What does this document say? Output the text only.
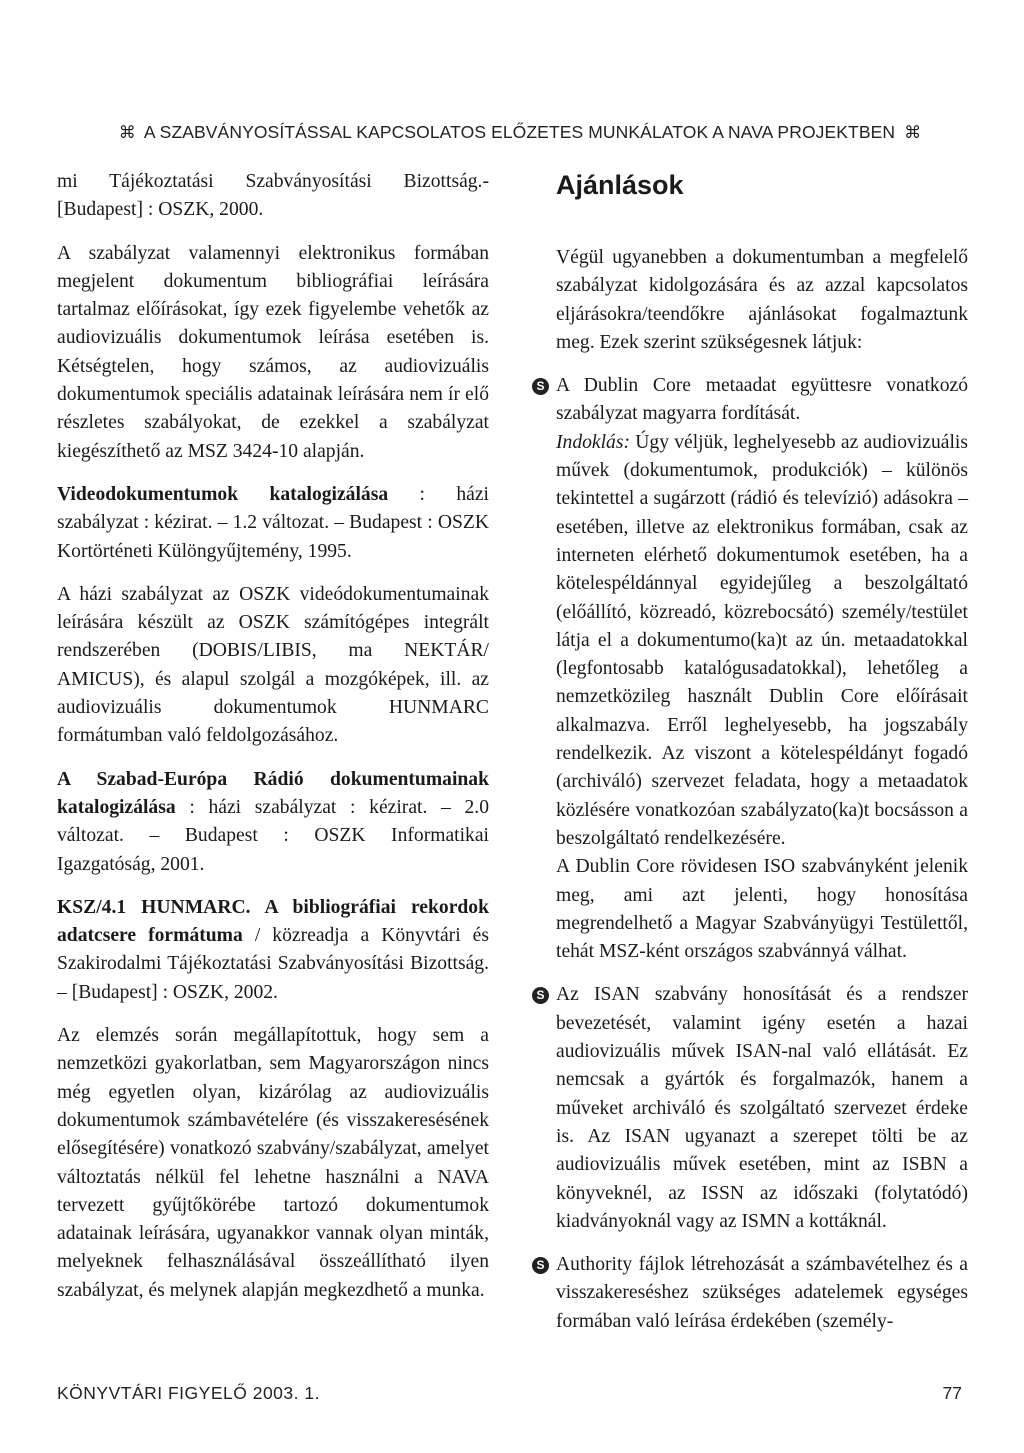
⌘ A SZABVÁNYOSÍTÁSSAL KAPCSOLATOS ELŐZETES MUNKÁLATOK A NAVA PROJEKTBEN ⌘

mi Tájékoztatási Szabványosítási Bizottság.- [Budapest] : OSZK, 2000.

A szabályzat valamennyi elektronikus formában megjelent dokumentum bibliográfiai leírására tartalmaz előírásokat, így ezek figyelembe vehetők az audiovizuális dokumentumok leírása esetében is. Kétségtelen, hogy számos, az audiovizuális dokumentumok speciális adatainak leírására nem ír elő részletes szabályokat, de ezekkel a szabályzat kiegészíthető az MSZ 3424-10 alapján.

Videodokumentumok katalogizálása : házi szabályzat : kézirat. – 1.2 változat. – Budapest : OSZK Kortörténeti Különgyűjtemény, 1995.

A házi szabályzat az OSZK videódokumentumainak leírására készült az OSZK számítógépes integrált rendszerében (DOBIS/LIBIS, ma NEKTÁR/ AMICUS), és alapul szolgál a mozgóképek, ill. az audiovizuális dokumentumok HUNMARC formátumban való feldolgozásához.

A Szabad-Európa Rádió dokumentumainak katalogizálása : házi szabályzat : kézirat. – 2.0 változat. – Budapest : OSZK Informatikai Igazgatóság, 2001.

KSZ/4.1 HUNMARC. A bibliográfiai rekordok adatcsere formátuma / közreadja a Könyvtári és Szakirodalmi Tájékoztatási Szabványosítási Bizottság. – [Budapest] : OSZK, 2002.

Az elemzés során megállapítottuk, hogy sem a nemzetközi gyakorlatban, sem Magyarországon nincs még egyetlen olyan, kizárólag az audiovizuális dokumentumok számbavételére (és visszakeresésének elősegítésére) vonatkozó szabvány/szabályzat, amelyet változtatás nélkül fel lehetne használni a NAVA tervezett gyűjtőkörébe tartozó dokumentumok adatainak leírására, ugyanakkor vannak olyan minták, melyeknek felhasználásával összeállítható ilyen szabályzat, és melynek alapján megkezdhető a munka.

Ajánlások

Végül ugyanebben a dokumentumban a megfelelő szabályzat kidolgozására és az azzal kapcsolatos eljárásokra/teendőkre ajánlásokat fogalmaztunk meg. Ezek szerint szükségesnek látjuk:

S A Dublin Core metaadat együttesre vonatkozó szabályzat magyarra fordítását.

Indoklás: Úgy véljük, leghelyesebb az audiovizuális művek (dokumentumok, produkciók) – különös tekintettel a sugárzott (rádió és televízió) adásokra – esetében, illetve az elektronikus formában, csak az interneten elérhető dokumentumok esetében, ha a kötelespéldánnyal egyidejűleg a beszolgáltató (előállító, közreadó, közrebocsátó) személy/testület látja el a dokumentumo(ka)t az ún. metaadatokkal (legfontosabb katalógusadatokkal), lehetőleg a nemzetközileg használt Dublin Core előírásait alkalmazva. Erről leghelyesebb, ha jogszabály rendelkezik. Az viszont a kötelespéldányt fogadó (archiváló) szervezet feladata, hogy a metaadatok közlésére vonatkozóan szabályzato(ka)t bocsásson a beszolgáltató rendelkezésére.

A Dublin Core rövidesen ISO szabványként jelenik meg, ami azt jelenti, hogy honosítása megrendelhető a Magyar Szabványügyi Testülettől, tehát MSZ-ként országos szabvánnyá válhat.

S Az ISAN szabvány honosítását és a rendszer bevezetését, valamint igény esetén a hazai audiovizuális művek ISAN-nal való ellátását. Ez nemcsak a gyártók és forgalmazók, hanem a műveket archiváló és szolgáltató szervezet érdeke is. Az ISAN ugyanazt a szerepet tölti be az audiovizuális művek esetében, mint az ISBN a könyveknél, az ISSN az időszaki (folytatódó) kiadványoknál vagy az ISMN a kottáknál.

S Authority fájlok létrehozását a számbavételhez és a visszakereséshez szükséges adatelemek egységes formában való leírása érdekében (személy-

KÖNYVTÁRI FIGYELŐ 2003. 1.	77
